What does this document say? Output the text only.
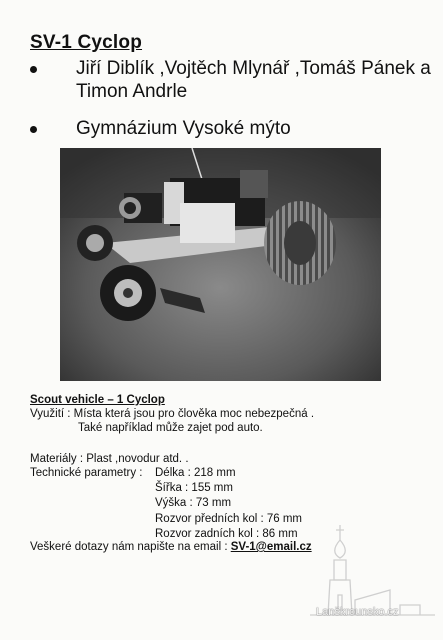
SV-1 Cyclop
Jiří Diblík ,Vojtěch Mlynář ,Tomáš Pánek a Timon Andrle
Gymnázium Vysoké mýto
Scout vehicle – 1 Cyclop
Využití : Místa která jsou pro člověka moc nebezpečná .
Také například může zajet pod auto.
Materiály : Plast ,novodur atd. .
Technické parametry : Délka : 218 mm
Šířka : 155 mm
Výška : 73 mm
Rozvor předních kol : 76 mm
Rozvor zadních kol : 86 mm
Veškeré dotazy nám napište na email : SV-1@email.cz
Lanškrounsko.cz
